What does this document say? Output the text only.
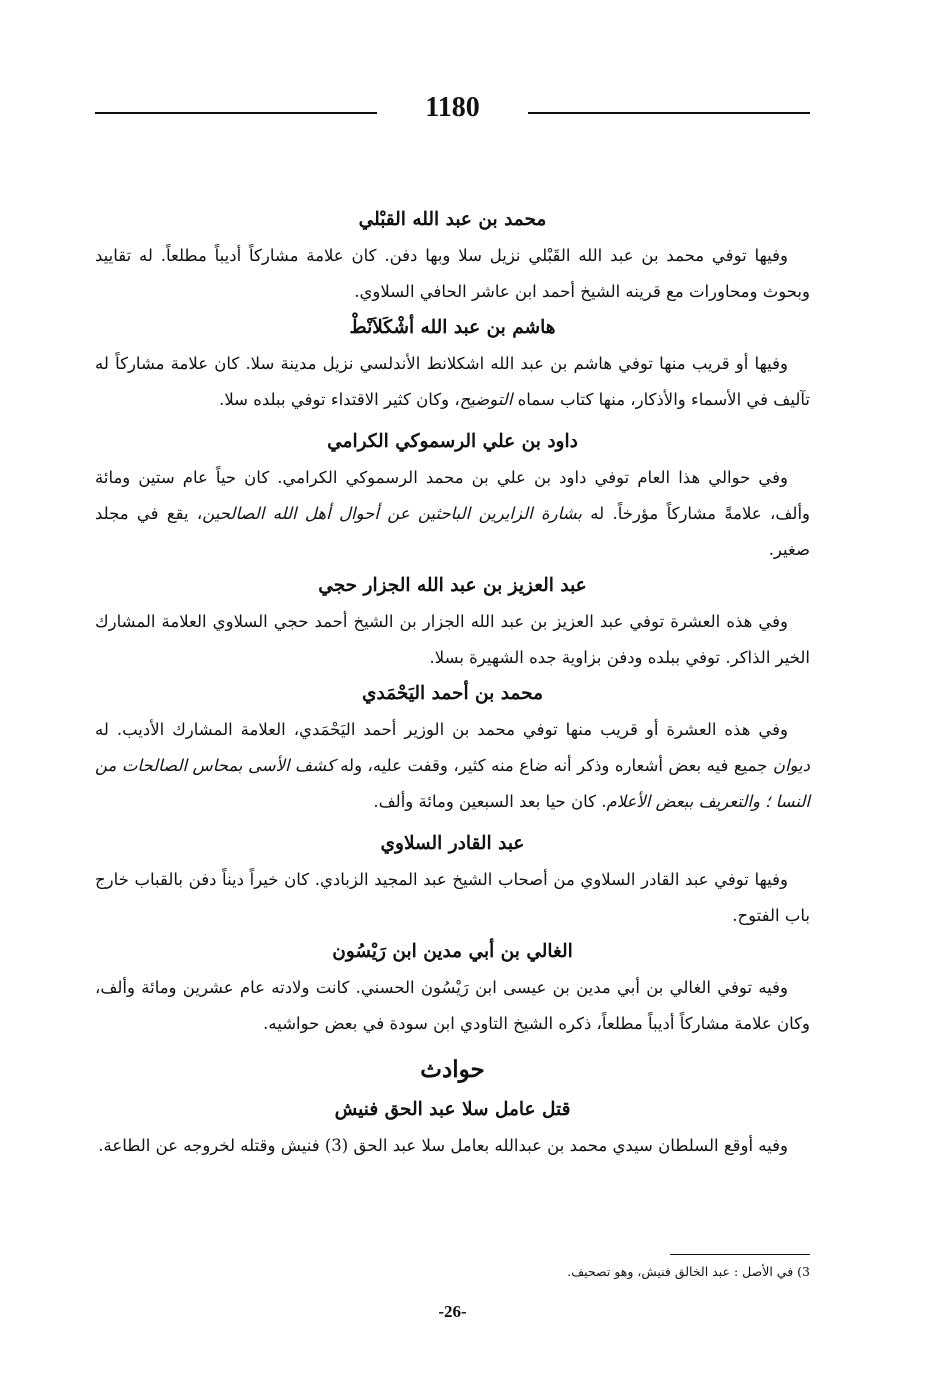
1180
محمد بن عبد الله القبْلي

وفيها توفي محمد بن عبد الله القَبْلي نزيل سلا وبها دفن. كان علامة مشاركاً أديباً مطلعاً. له تقاييد وبحوث ومحاورات مع قرينه الشيخ أحمد ابن عاشر الحافي السلاوي.

هاشم بن عبد الله أشْكَلاَنْطْ

وفيها أو قريب منها توفي هاشم بن عبد الله اشكلانط الأندلسي نزيل مدينة سلا. كان علامة مشاركاً له تآليف في الأسماء والأذكار، منها كتاب سماه التوضيح، وكان كثير الاقتداء توفي ببلده سلا.

داود بن علي الرسموكي الكرامي

وفي حوالي هذا العام توفي داود بن علي بن محمد الرسموكي الكرامي. كان حياً عام ستين ومائة وألف، علامةً مشاركاً مؤرخاً. له بشارة الزايرين الباحثين عن أحوال أهل الله الصالحين، يقع في مجلد صغير.

عبد العزيز بن عبد الله الجزار حجي

وفي هذه العشرة توفي عبد العزيز بن عبد الله الجزار بن الشيخ أحمد حجي السلاوي العلامة المشارك الخير الذاكر. توفي ببلده ودفن بزاوية جده الشهيرة بسلا.

محمد بن أحمد اليَحْمَدي

وفي هذه العشرة أو قريب منها توفي محمد بن الوزير أحمد اليَحْمَدي، العلامة المشارك الأديب. له ديوان جميع فيه بعض أشعاره وذكر أنه ضاع منه كثير، وقفت عليه، وله كشف الأسى بمحاس الصالحات من النسا ؛ والتعريف ببعض الأعلام. كان حيا بعد السبعين ومائة وألف.

عبد القادر السلاوي

وفيها توفي عبد القادر السلاوي من أصحاب الشيخ عبد المجيد الزبادي. كان خيراً ديناً دفن بالقباب خارج باب الفتوح.

الغالي بن أبي مدين ابن رَيْسُون

وفيه توفي الغالي بن أبي مدين بن عيسى ابن رَيْسُون الحسني. كانت ولادته عام عشرين ومائة وألف، وكان علامة مشاركاً أديباً مطلعاً، ذكره الشيخ التاودي ابن سودة في بعض حواشيه.

حوادث
قتل عامل سلا عبد الحق فنيش

وفيه أوقع السلطان سيدي محمد بن عبدالله بعامل سلا عبد الحق (3) فنيش وقتله لخروجه عن الطاعة.

3) في الأصل : عبد الخالق فنيش، وهو تصحيف.

-26-
